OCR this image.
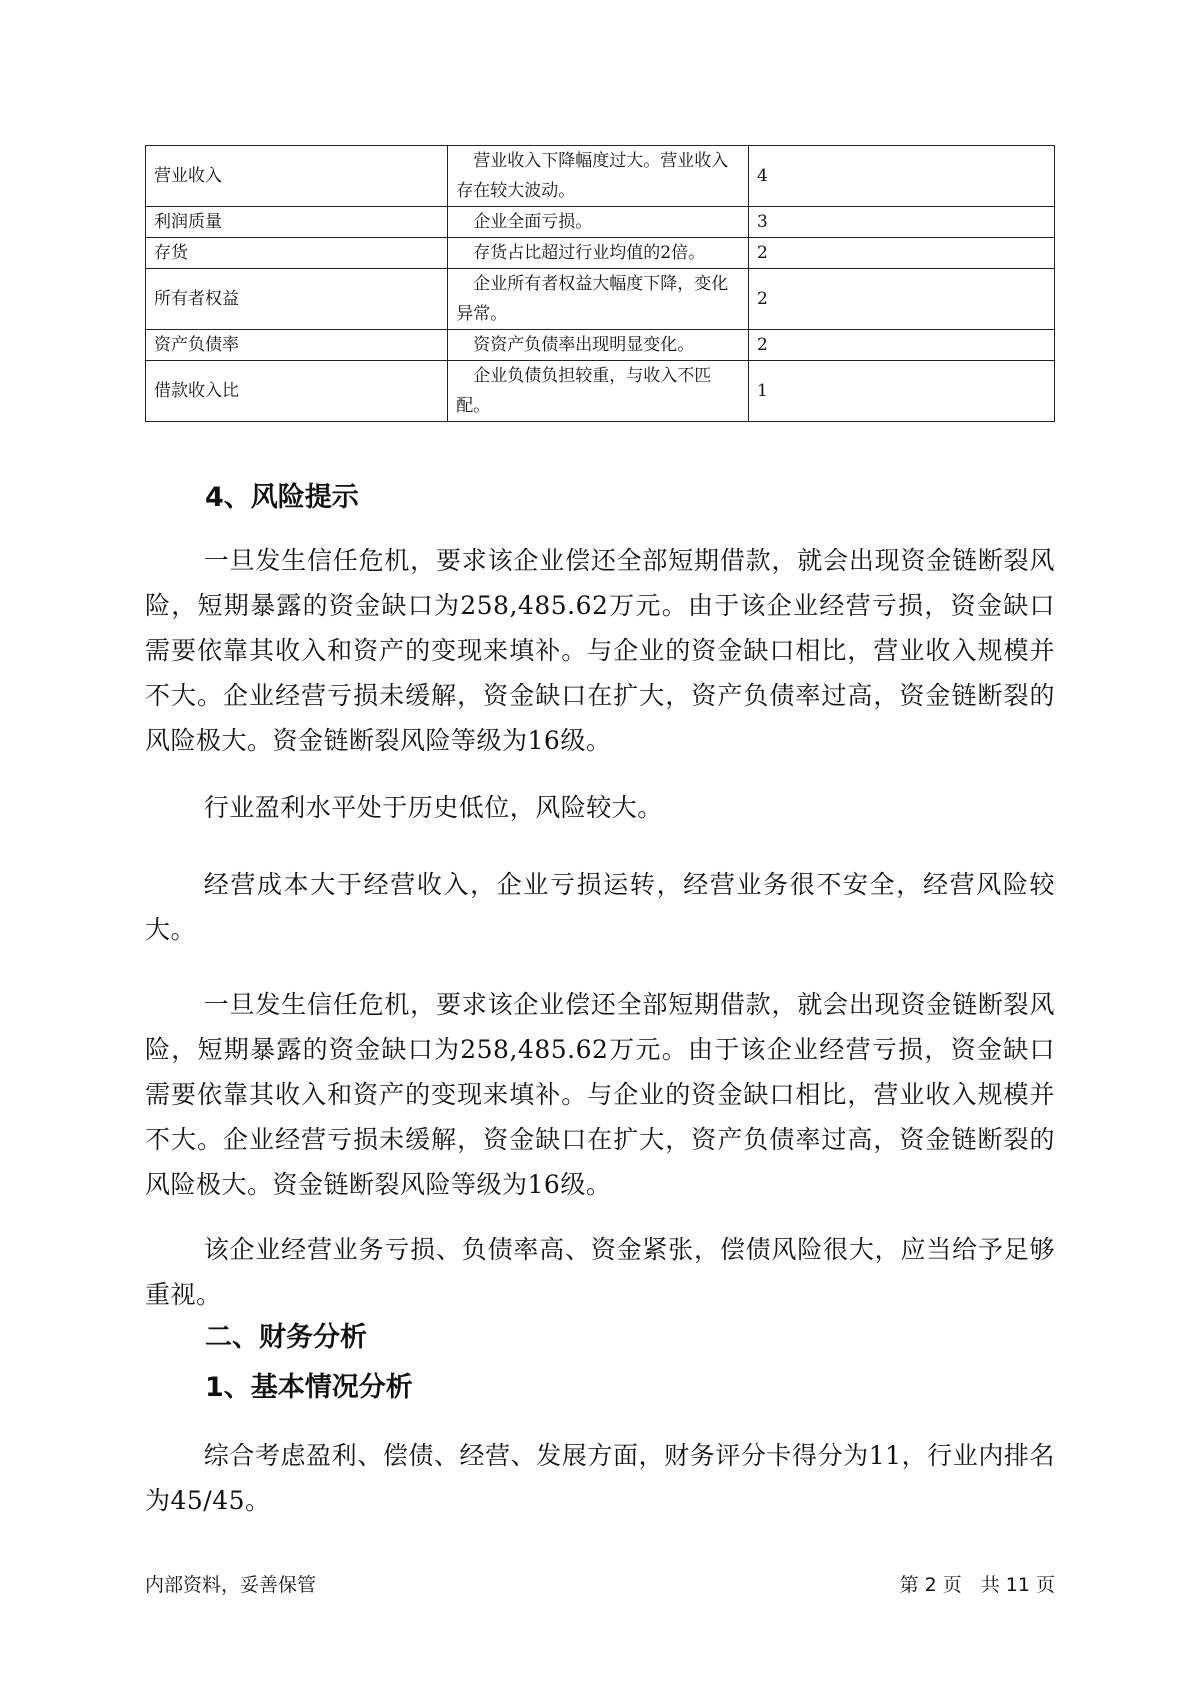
营业收入	营业收入下降幅度过大。营业收入存在较大波动。	4
利润质量	企业全面亏损。	3
存货	存货占比超过行业均值的2倍。	2
所有者权益	企业所有者权益大幅度下降，变化异常。	2
资产负债率	资资产负债率出现明显变化。	2
借款收入比	企业负债负担较重，与收入不匹配。	1
4、风险提示

一旦发生信任危机，要求该企业偿还全部短期借款，就会出现资金链断裂风险，短期暴露的资金缺口为258,485.62万元。由于该企业经营亏损，资金缺口需要依靠其收入和资产的变现来填补。与企业的资金缺口相比，营业收入规模并不大。企业经营亏损未缓解，资金缺口在扩大，资产负债率过高，资金链断裂的风险极大。资金链断裂风险等级为16级。

行业盈利水平处于历史低位，风险较大。

经营成本大于经营收入，企业亏损运转，经营业务很不安全，经营风险较大。

一旦发生信任危机，要求该企业偿还全部短期借款，就会出现资金链断裂风险，短期暴露的资金缺口为258,485.62万元。由于该企业经营亏损，资金缺口需要依靠其收入和资产的变现来填补。与企业的资金缺口相比，营业收入规模并不大。企业经营亏损未缓解，资金缺口在扩大，资产负债率过高，资金链断裂的风险极大。资金链断裂风险等级为16级。

该企业经营业务亏损、负债率高、资金紧张，偿债风险很大，应当给予足够重视。

二、财务分析
1、基本情况分析

综合考虑盈利、偿债、经营、发展方面，财务评分卡得分为11，行业内排名为45/45。

内部资料，妥善保管	第 2 页　共 11 页
